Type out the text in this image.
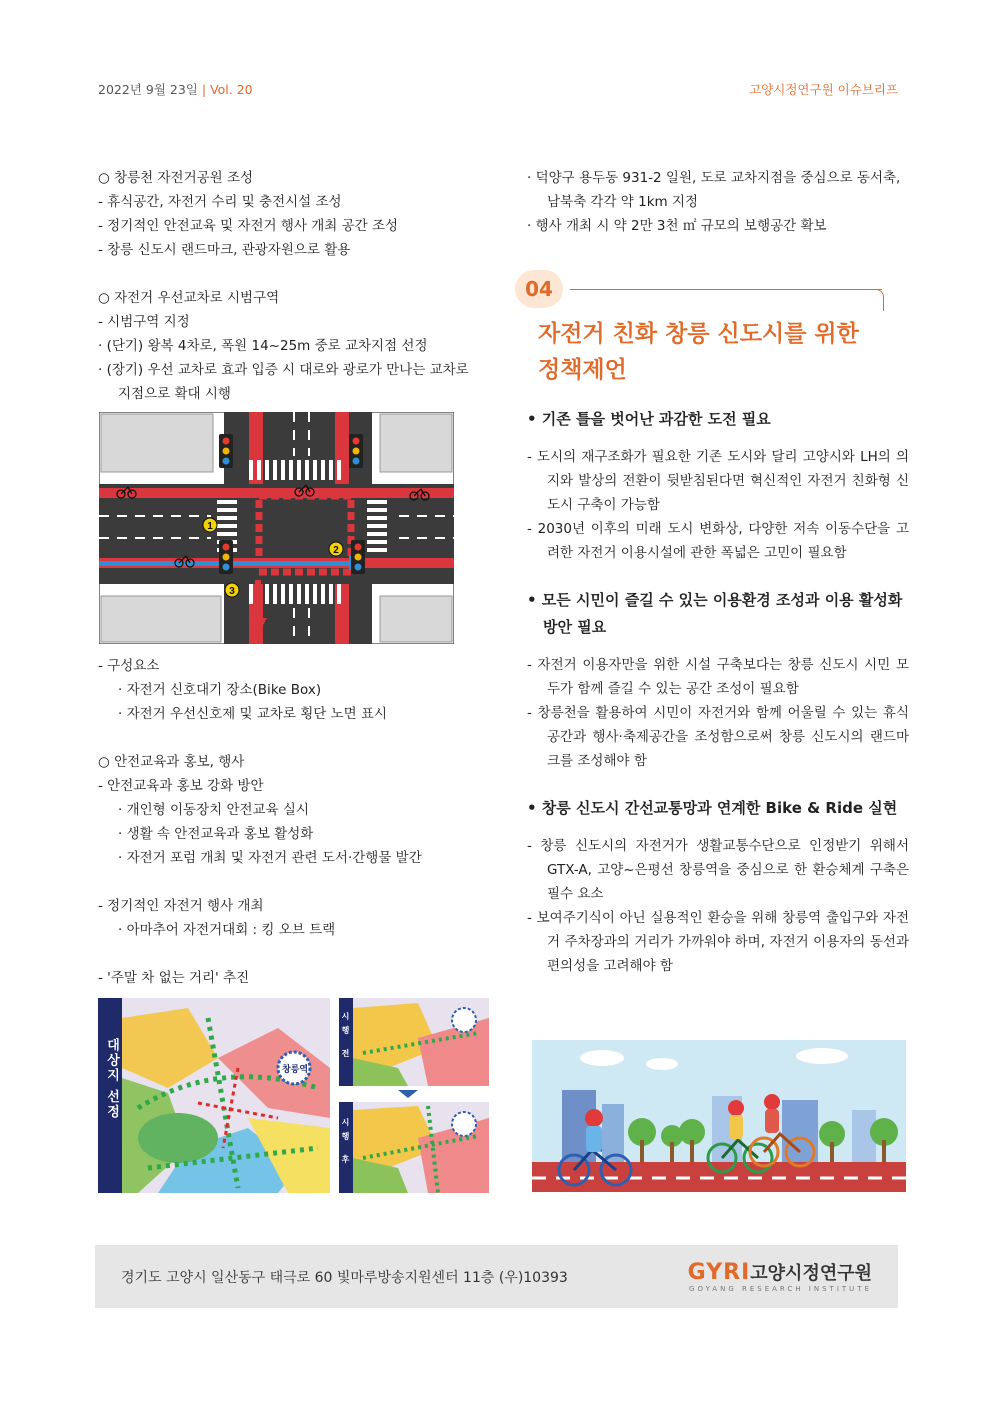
2022년 9월 23일 | Vol. 20	고양시정연구원 이슈브리프

○ 창릉천 자전거공원 조성

- 휴식공간, 자전거 수리 및 충전시설 조성

- 정기적인 안전교육 및 자전거 행사 개최 공간 조성

- 창릉 신도시 랜드마크, 관광자원으로 활용

○ 자전거 우선교차로 시범구역

- 시범구역 지정

· (단기) 왕복 4차로, 폭원 14~25m 중로 교차지점 선정

· (장기) 우선 교차로 효과 입증 시 대로와 광로가 만나는 교차로

지점으로 확대 시행

1
2
3

- 구성요소

· 자전거 신호대기 장소(Bike Box)

· 자전거 우선신호제 및 교차로 횡단 노면 표시

○ 안전교육과 홍보, 행사

- 안전교육과 홍보 강화 방안

· 개인형 이동장치 안전교육 실시

· 생활 속 안전교육과 홍보 활성화

· 자전거 포럼 개최 및 자전거 관련 도서·간행물 발간

- 정기적인 자전거 행사 개최

· 아마추어 자전거대회 : 킹 오브 트랙

- '주말 차 없는 거리' 추진

대상지 선정	창릉역
시행 전
시행 후

· 덕양구 용두동 931-2 일원, 도로 교차지점을 중심으로 동서축, 남북축 각각 약 1km 지정

· 행사 개최 시 약 2만 3천 ㎡ 규모의 보행공간 확보

04
자전거 친화 창릉 신도시를 위한
정책제언

• 기존 틀을 벗어난 과감한 도전 필요

- 도시의 재구조화가 필요한 기존 도시와 달리 고양시와 LH의 의지와 발상의 전환이 뒷받침된다면 혁신적인 자전거 친화형 신도시 구축이 가능함

- 2030년 이후의 미래 도시 변화상, 다양한 저속 이동수단을 고려한 자전거 이용시설에 관한 폭넓은 고민이 필요함

• 모든 시민이 즐길 수 있는 이용환경 조성과 이용 활성화 방안 필요

- 자전거 이용자만을 위한 시설 구축보다는 창릉 신도시 시민 모두가 함께 즐길 수 있는 공간 조성이 필요함

- 창릉천을 활용하여 시민이 자전거와 함께 어울릴 수 있는 휴식공간과 행사·축제공간을 조성함으로써 창릉 신도시의 랜드마크를 조성해야 함

• 창릉 신도시 간선교통망과 연계한 Bike & Ride 실현

- 창릉 신도시의 자전거가 생활교통수단으로 인정받기 위해서 GTX-A, 고양~은평선 창릉역을 중심으로 한 환승체계 구축은 필수 요소

- 보여주기식이 아닌 실용적인 환승을 위해 창릉역 출입구와 자전거 주차장과의 거리가 가까워야 하며, 자전거 이용자의 동선과 편의성을 고려해야 함

경기도 고양시 일산동구 태극로 60 빛마루방송지원센터 11층 (우)10393	GYRI고양시정연구원
GOYANG RESEARCH INSTITUTE
